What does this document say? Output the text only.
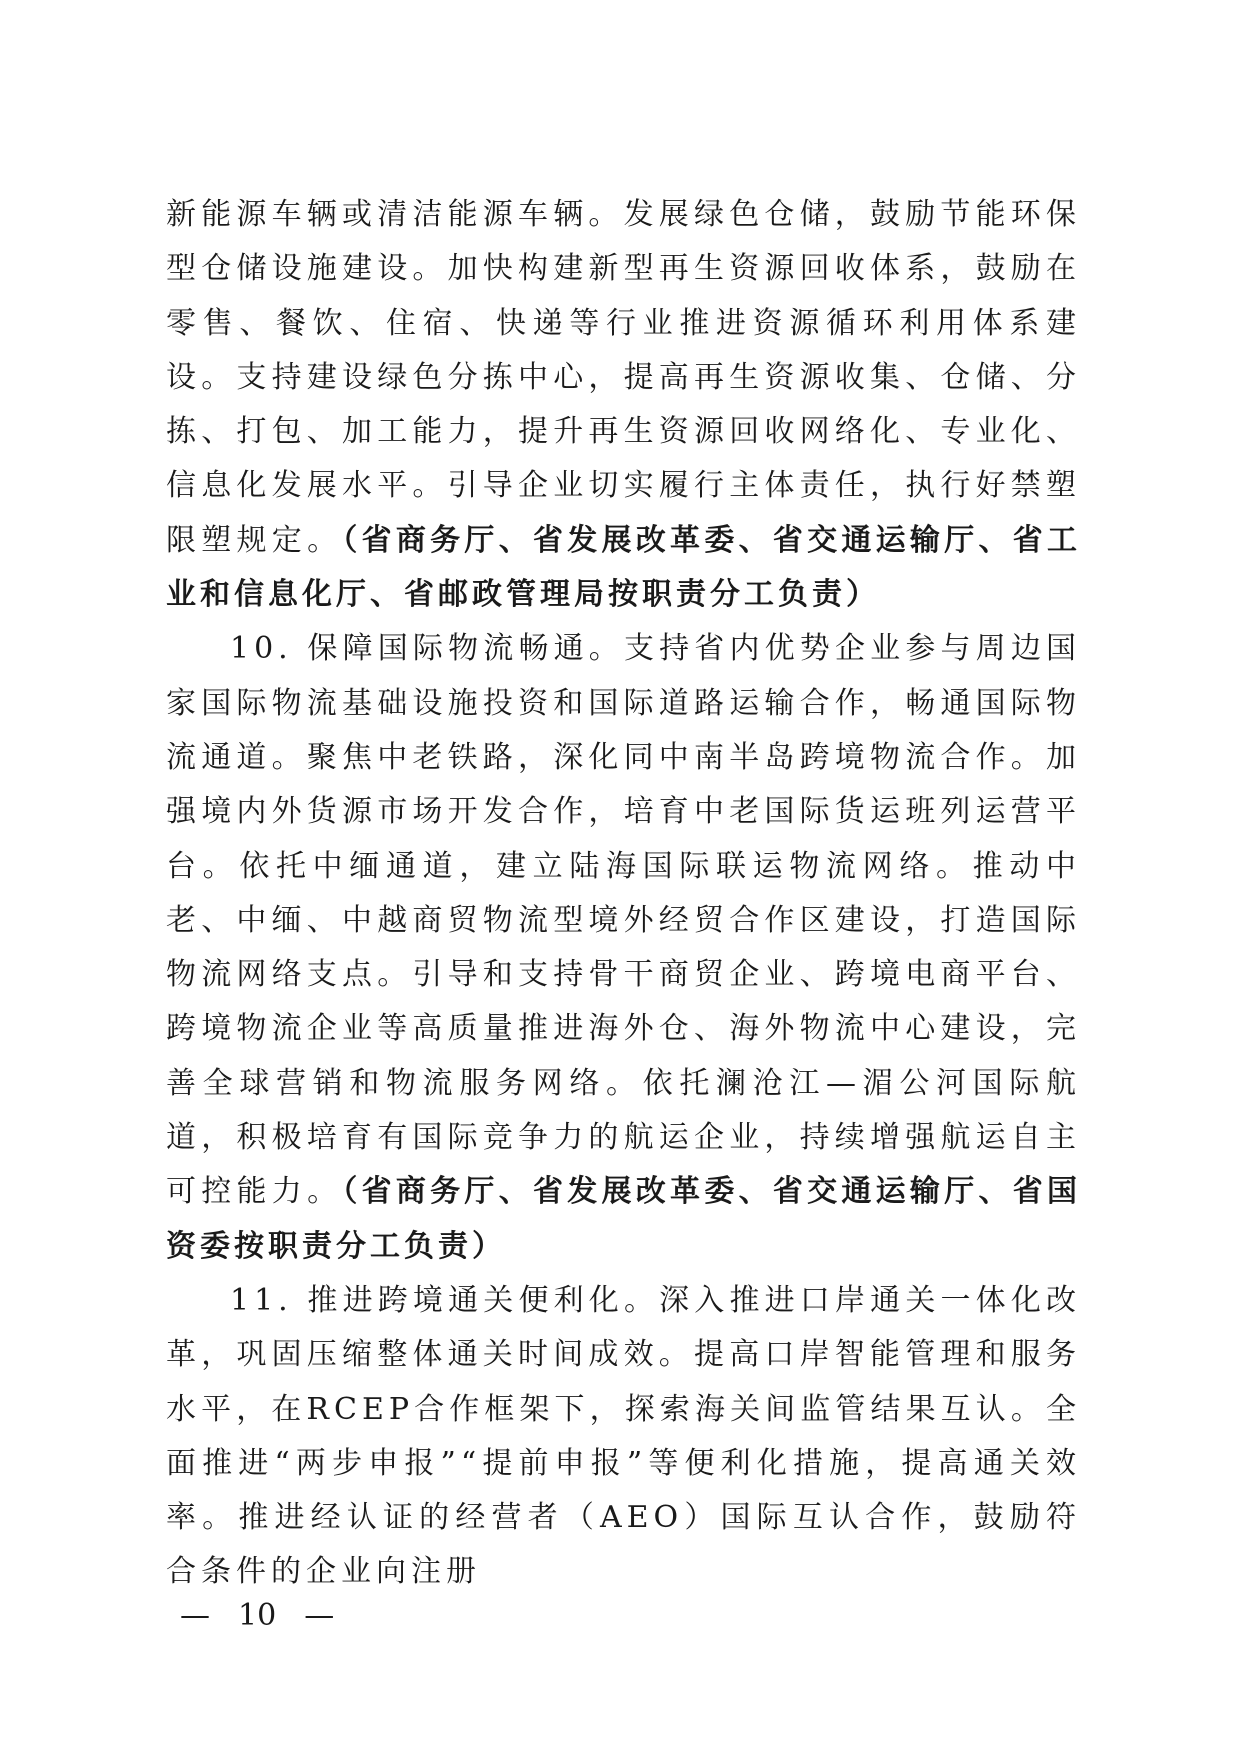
新能源车辆或清洁能源车辆。发展绿色仓储，鼓励节能环保型仓储设施建设。加快构建新型再生资源回收体系，鼓励在零售、餐饮、住宿、快递等行业推进资源循环利用体系建设。支持建设绿色分拣中心，提高再生资源收集、仓储、分拣、打包、加工能力，提升再生资源回收网络化、专业化、信息化发展水平。引导企业切实履行主体责任，执行好禁塑限塑规定。（省商务厅、省发展改革委、省交通运输厅、省工业和信息化厅、省邮政管理局按职责分工负责）

10. 保障国际物流畅通。支持省内优势企业参与周边国家国际物流基础设施投资和国际道路运输合作，畅通国际物流通道。聚焦中老铁路，深化同中南半岛跨境物流合作。加强境内外货源市场开发合作，培育中老国际货运班列运营平台。依托中缅通道，建立陆海国际联运物流网络。推动中老、中缅、中越商贸物流型境外经贸合作区建设，打造国际物流网络支点。引导和支持骨干商贸企业、跨境电商平台、跨境物流企业等高质量推进海外仓、海外物流中心建设，完善全球营销和物流服务网络。依托澜沧江—湄公河国际航道，积极培育有国际竞争力的航运企业，持续增强航运自主可控能力。（省商务厅、省发展改革委、省交通运输厅、省国资委按职责分工负责）

11. 推进跨境通关便利化。深入推进口岸通关一体化改革，巩固压缩整体通关时间成效。提高口岸智能管理和服务水平，在RCEP合作框架下，探索海关间监管结果互认。全面推进“两步申报”“提前申报”等便利化措施，提高通关效率。推进经认证的经营者（AEO）国际互认合作，鼓励符合条件的企业向注册

— 10 —
